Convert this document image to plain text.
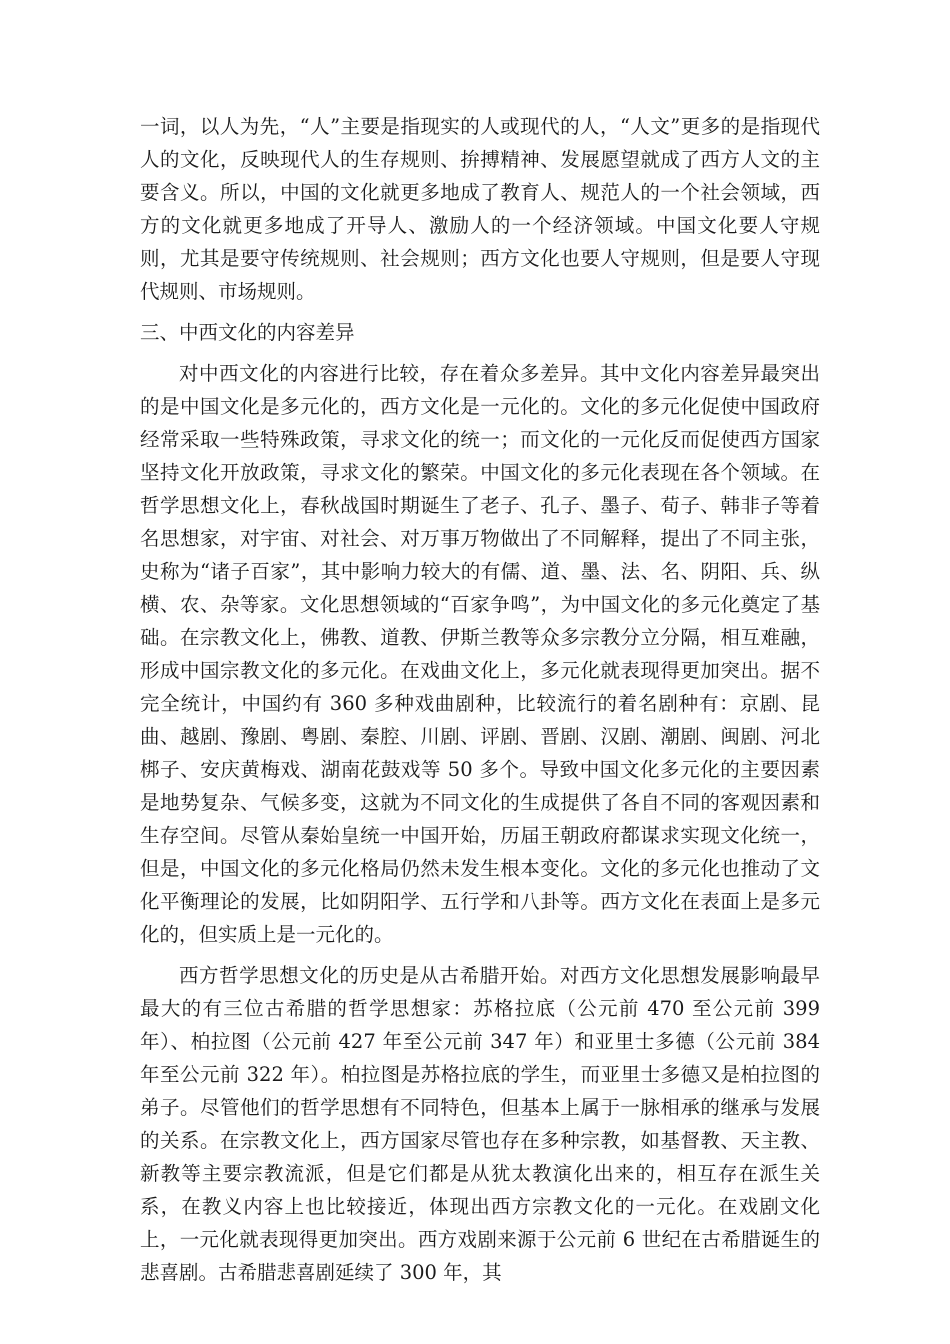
一词，以人为先，“人”主要是指现实的人或现代的人，“人文”更多的是指现代人的文化，反映现代人的生存规则、拚搏精神、发展愿望就成了西方人文的主要含义。所以，中国的文化就更多地成了教育人、规范人的一个社会领域，西方的文化就更多地成了开导人、激励人的一个经济领域。中国文化要人守规则，尤其是要守传统规则、社会规则；西方文化也要人守规则，但是要人守现代规则、市场规则。

三、中西文化的内容差异

对中西文化的内容进行比较，存在着众多差异。其中文化内容差异最突出的是中国文化是多元化的，西方文化是一元化的。文化的多元化促使中国政府经常采取一些特殊政策，寻求文化的统一；而文化的一元化反而促使西方国家坚持文化开放政策，寻求文化的繁荣。中国文化的多元化表现在各个领域。在哲学思想文化上，春秋战国时期诞生了老子、孔子、墨子、荀子、韩非子等着名思想家，对宇宙、对社会、对万事万物做出了不同解释，提出了不同主张，史称为“诸子百家”，其中影响力较大的有儒、道、墨、法、名、阴阳、兵、纵横、农、杂等家。文化思想领域的“百家争鸣”，为中国文化的多元化奠定了基础。在宗教文化上，佛教、道教、伊斯兰教等众多宗教分立分隔，相互难融，形成中国宗教文化的多元化。在戏曲文化上，多元化就表现得更加突出。据不完全统计，中国约有 360 多种戏曲剧种，比较流行的着名剧种有：京剧、昆曲、越剧、豫剧、粤剧、秦腔、川剧、评剧、晋剧、汉剧、潮剧、闽剧、河北梆子、安庆黄梅戏、湖南花鼓戏等 50 多个。导致中国文化多元化的主要因素是地势复杂、气候多变，这就为不同文化的生成提供了各自不同的客观因素和生存空间。尽管从秦始皇统一中国开始，历届王朝政府都谋求实现文化统一，但是，中国文化的多元化格局仍然未发生根本变化。文化的多元化也推动了文化平衡理论的发展，比如阴阳学、五行学和八卦等。西方文化在表面上是多元化的，但实质上是一元化的。

西方哲学思想文化的历史是从古希腊开始。对西方文化思想发展影响最早最大的有三位古希腊的哲学思想家：苏格拉底（公元前 470 至公元前 399 年）、柏拉图（公元前 427 年至公元前 347 年）和亚里士多德（公元前 384 年至公元前 322 年）。柏拉图是苏格拉底的学生，而亚里士多德又是柏拉图的弟子。尽管他们的哲学思想有不同特色，但基本上属于一脉相承的继承与发展的关系。在宗教文化上，西方国家尽管也存在多种宗教，如基督教、天主教、新教等主要宗教流派，但是它们都是从犹太教演化出来的，相互存在派生关系，在教义内容上也比较接近，体现出西方宗教文化的一元化。在戏剧文化上，一元化就表现得更加突出。西方戏剧来源于公元前 6 世纪在古希腊诞生的悲喜剧。古希腊悲喜剧延续了 300 年，其
